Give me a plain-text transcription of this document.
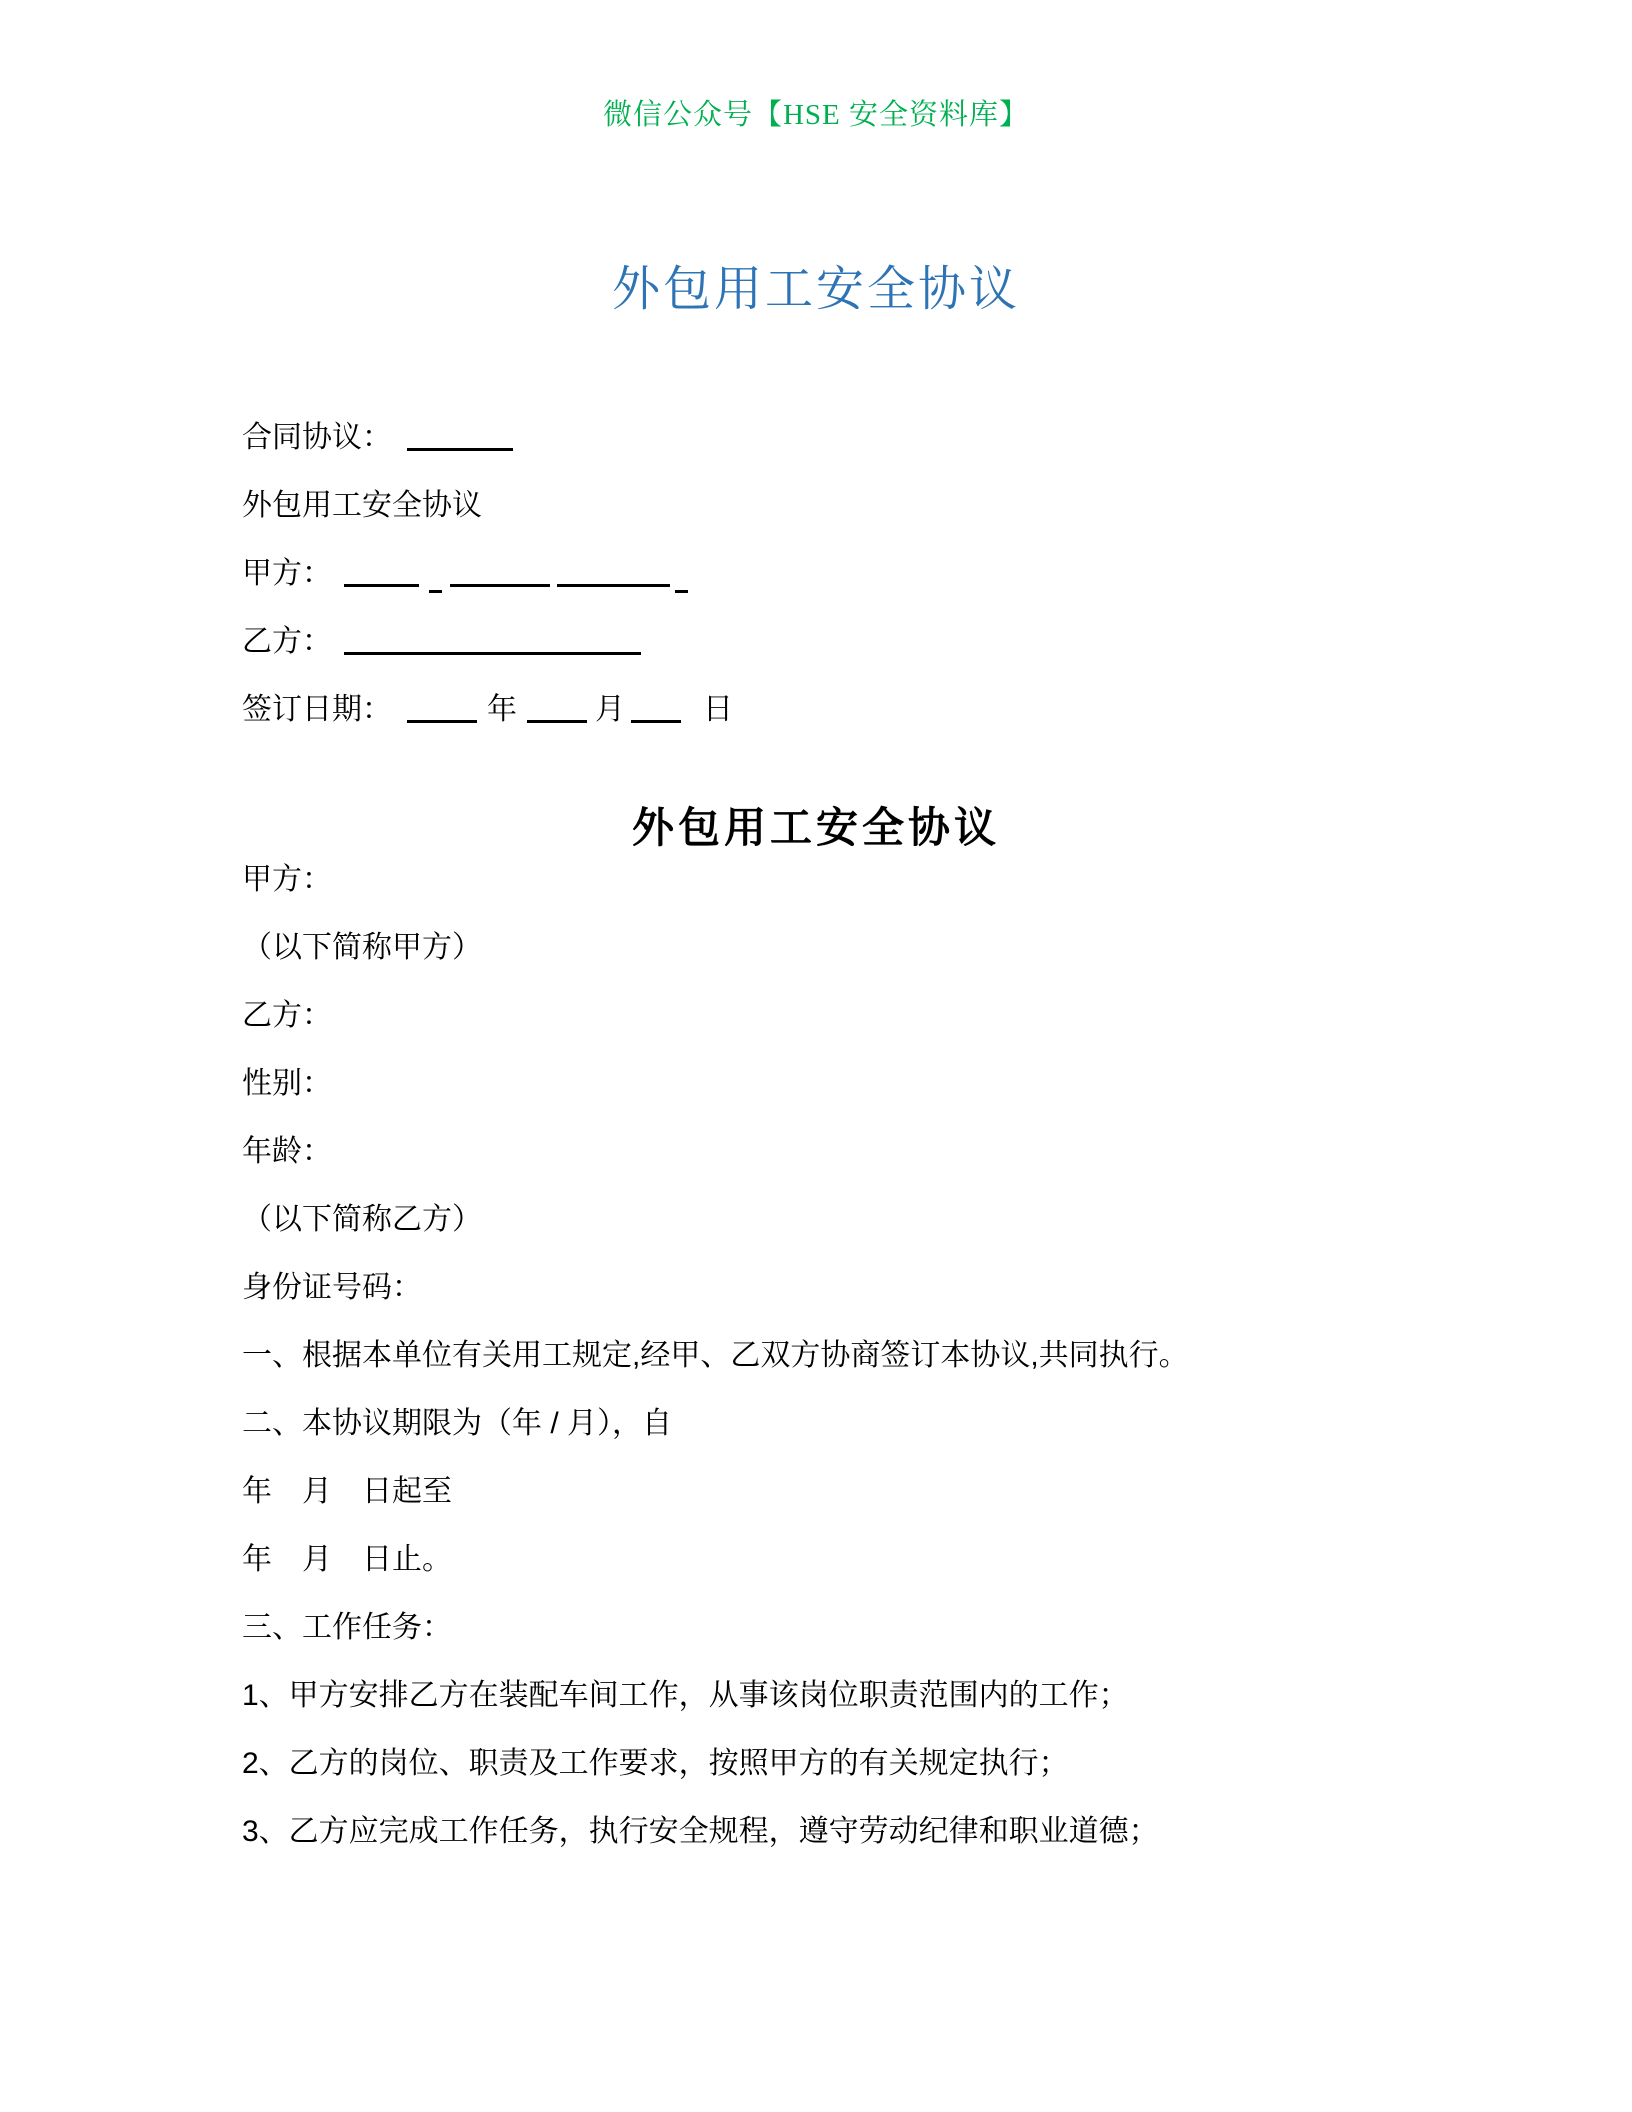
微信公众号【HSE 安全资料库】
外包用工安全协议
合同协议：
外包用工安全协议
甲方：
乙方：
签订日期：	年	月	日
外包用工安全协议
甲方：
（以下简称甲方）
乙方：
性别：
年龄：
（以下简称乙方）
身份证号码：
一、根据本单位有关用工规定,经甲、乙双方协商签订本协议,共同执行。
二、本协议期限为（年 / 月），自
年　月　日起至
年　月　日止。
三、工作任务：
1、甲方安排乙方在装配车间工作，从事该岗位职责范围内的工作；
2、乙方的岗位、职责及工作要求，按照甲方的有关规定执行；
3、乙方应完成工作任务，执行安全规程，遵守劳动纪律和职业道德；
